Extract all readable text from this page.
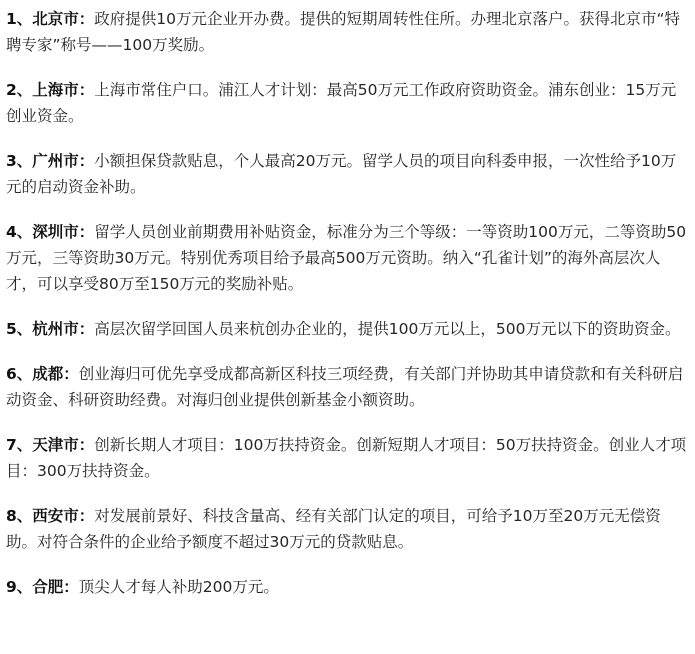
1、北京市：政府提供10万元企业开办费。提供的短期周转性住所。办理北京落户。获得北京市“特聘专家”称号——100万奖励。

2、上海市：上海市常住户口。浦江人才计划：最高50万元工作政府资助资金。浦东创业：15万元创业资金。

3、广州市：小额担保贷款贴息，个人最高20万元。留学人员的项目向科委申报，一次性给予10万元的启动资金补助。

4、深圳市：留学人员创业前期费用补贴资金，标准分为三个等级：一等资助100万元，二等资助50万元，三等资助30万元。特别优秀项目给予最高500万元资助。纳入“孔雀计划”的海外高层次人才，可以享受80万至150万元的奖励补贴。

5、杭州市：高层次留学回国人员来杭创办企业的，提供100万元以上，500万元以下的资助资金。

6、成都：创业海归可优先享受成都高新区科技三项经费，有关部门并协助其申请贷款和有关科研启动资金、科研资助经费。对海归创业提供创新基金小额资助。

7、天津市：创新长期人才项目：100万扶持资金。创新短期人才项目：50万扶持资金。创业人才项目：300万扶持资金。

8、西安市：对发展前景好、科技含量高、经有关部门认定的项目，可给予10万至20万元无偿资助。对符合条件的企业给予额度不超过30万元的贷款贴息。

9、合肥：顶尖人才每人补助200万元。
